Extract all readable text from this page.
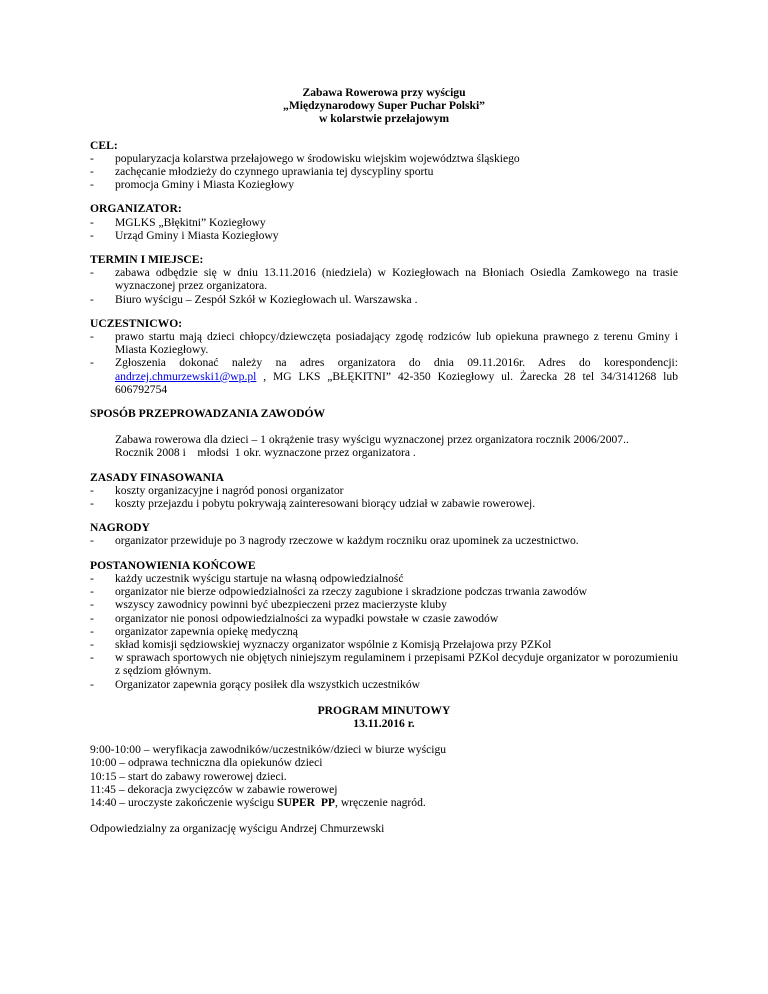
Zabawa Rowerowa przy wyścigu

„Międzynarodowy Super Puchar Polski”

w kolarstwie przełajowym

CEL:

- popularyzacja kolarstwa przełajowego w środowisku wiejskim województwa śląskiego
- zachęcanie młodzieży do czynnego uprawiania tej dyscypliny sportu
- promocja Gminy i Miasta Koziegłowy

ORGANIZATOR:

- MGLKS „Błękitni” Koziegłowy
- Urząd Gminy i Miasta Koziegłowy

TERMIN I MIEJSCE:

- zabawa odbędzie się w dniu 13.11.2016 (niedziela) w Koziegłowach na Błoniach Osiedla Zamkowego na trasie wyznaczonej przez organizatora.
- Biuro wyścigu – Zespół Szkół w Koziegłowach ul. Warszawska .

UCZESTNICWO:

- prawo startu mają dzieci chłopcy/dziewczęta posiadający zgodę rodziców lub opiekuna prawnego z terenu Gminy i Miasta Koziegłowy.
- Zgłoszenia dokonać należy na adres organizatora do dnia 09.11.2016r. Adres do korespondencji: andrzej.chmurzewski1@wp.pl , MG LKS „BŁĘKITNI” 42-350 Koziegłowy ul. Żarecka 28 tel 34/3141268 lub 606792754

SPOSÓB PRZEPROWADZANIA ZAWODÓW

Zabawa rowerowa dla dzieci – 1 okrążenie trasy wyścigu wyznaczonej przez organizatora rocznik 2006/2007..

Rocznik 2008 i    młodsi  1 okr. wyznaczone przez organizatora .

ZASADY FINASOWANIA

- koszty organizacyjne i nagród ponosi organizator
- koszty przejazdu i pobytu pokrywają zainteresowani biorący udział w zabawie rowerowej.

NAGRODY

- organizator przewiduje po 3 nagrody rzeczowe w każdym roczniku oraz upominek za uczestnictwo.

POSTANOWIENIA KOŃCOWE

- każdy uczestnik wyścigu startuje na własną odpowiedzialność
- organizator nie bierze odpowiedzialności za rzeczy zagubione i skradzione podczas trwania zawodów
- wszyscy zawodnicy powinni być ubezpieczeni przez macierzyste kluby
- organizator nie ponosi odpowiedzialności za wypadki powstałe w czasie zawodów
- organizator zapewnia opiekę medyczną
- skład komisji sędziowskiej wyznaczy organizator wspólnie z Komisją Przełajowa przy PZKol
- w sprawach sportowych nie objętych niniejszym regulaminem i przepisami PZKol decyduje organizator w porozumieniu z sędziom głównym.
- Organizator zapewnia gorący posiłek dla wszystkich uczestników

PROGRAM MINUTOWY

13.11.2016 r.

9:00-10:00 – weryfikacja zawodników/uczestników/dzieci w biurze wyścigu

10:00 – odprawa techniczna dla opiekunów dzieci

10:15 – start do zabawy rowerowej dzieci.

11:45 – dekoracja zwycięzców w zabawie rowerowej

14:40 – uroczyste zakończenie wyścigu SUPER  PP, wręczenie nagród.

Odpowiedzialny za organizację wyścigu Andrzej Chmurzewski
